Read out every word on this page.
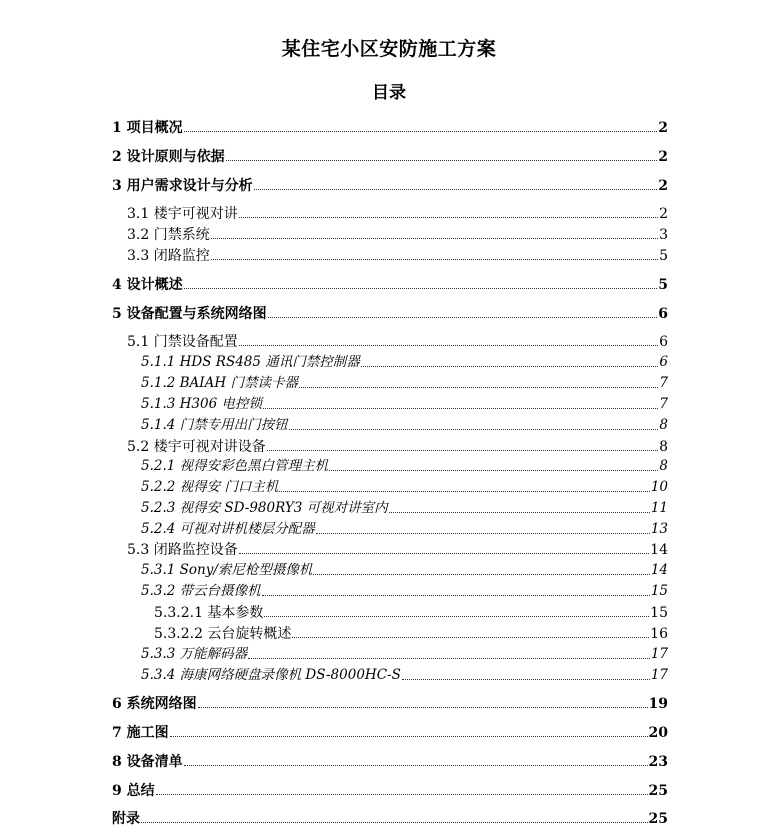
某住宅小区安防施工方案
目录
1 项目概况	2
2 设计原则与依据	2
3 用户需求设计与分析	2
3.1 楼宇可视对讲	2
3.2 门禁系统	3
3.3 闭路监控	5
4 设计概述	5
5 设备配置与系统网络图	6
5.1 门禁设备配置	6
5.1.1 HDS RS485 通讯门禁控制器	6
5.1.2 BAIAH 门禁读卡器	7
5.1.3 H306 电控锁	7
5.1.4 门禁专用出门按钮	8
5.2 楼宇可视对讲设备	8
5.2.1 视得安彩色黑白管理主机	8
5.2.2 视得安 门口主机	10
5.2.3 视得安 SD-980RY3 可视对讲室内	11
5.2.4 可视对讲机楼层分配器	13
5.3 闭路监控设备	14
5.3.1 Sony/索尼枪型摄像机	14
5.3.2 带云台摄像机	15
5.3.2.1 基本参数	15
5.3.2.2 云台旋转概述	16
5.3.3 万能解码器	17
5.3.4 海康网络硬盘录像机 DS-8000HC-S	17
6 系统网络图	19
7 施工图	20
8 设备清单	23
9 总结	25
附录	25
